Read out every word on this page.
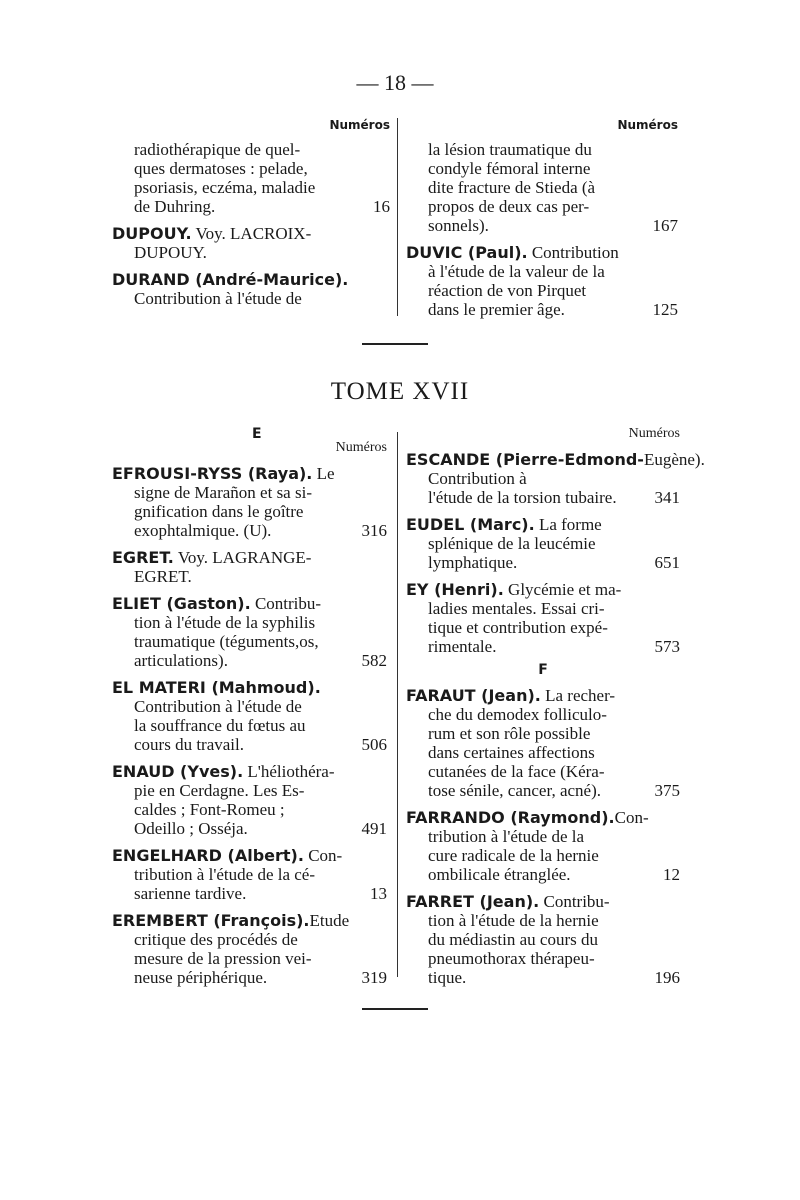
— 18 —
Numéros
radiothérapique de quel-
ques dermatoses : pelade,
psoriasis, eczéma, maladie
de Duhring.	16
DUPOUY. Voy. LACROIX-
DUPOUY.
DURAND (André-Maurice).
Contribution à l'étude de
Numéros
la lésion traumatique du
condyle fémoral interne
dite fracture de Stieda (à
propos de deux cas per-
sonnels).	167
DUVIC (Paul). Contribution
à l'étude de la valeur de la
réaction de von Pirquet
dans le premier âge.	125
TOME XVII
E
Numéros
EFROUSI-RYSS (Raya). Le
signe de Marañon et sa si-
gnification dans le goître
exophtalmique. (U).	316
EGRET. Voy. LAGRANGE-
EGRET.
ELIET (Gaston). Contribu-
tion à l'étude de la syphilis
traumatique (téguments,os,
articulations).	582
EL MATERI (Mahmoud).
Contribution à l'étude de
la souffrance du fœtus au
cours du travail.	506
ENAUD (Yves). L'héliothéra-
pie en Cerdagne. Les Es-
caldes ; Font-Romeu ;
Odeillo ; Osséja.	491
ENGELHARD (Albert). Con-
tribution à l'étude de la cé-
sarienne tardive.	13
EREMBERT (François).Etude
critique des procédés de
mesure de la pression vei-
neuse périphérique.	319
Numéros
ESCANDE (Pierre-Edmond-Eugène).
Contribution à
l'étude de la torsion tubaire. 341
EUDEL (Marc). La forme
splénique de la leucémie
lymphatique.	651
EY (Henri). Glycémie et ma-
ladies mentales. Essai cri-
tique et contribution expé-
rimentale.	573
F
FARAUT (Jean). La recher-
che du demodex folliculo-
rum et son rôle possible
dans certaines affections
cutanées de la face (Kéra-
tose sénile, cancer, acné).	375
FARRANDO (Raymond).Con-
tribution à l'étude de la
cure radicale de la hernie
ombilicale étranglée.	12
FARRET (Jean). Contribu-
tion à l'étude de la hernie
du médiastin au cours du
pneumothorax thérapeu-
tique.	196
